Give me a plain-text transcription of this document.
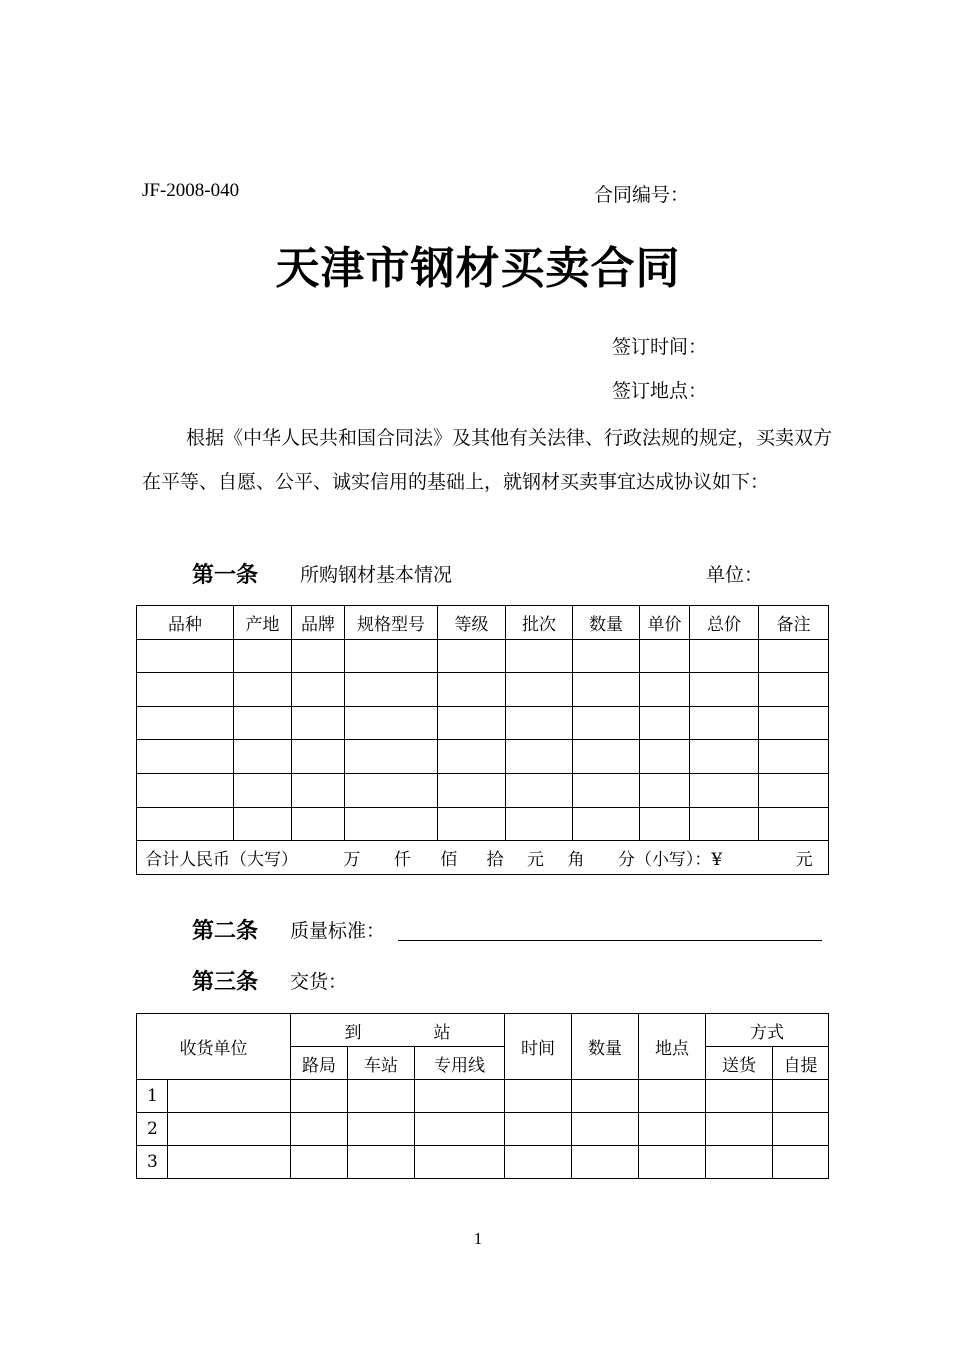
JF-2008-040	合同编号：
天津市钢材买卖合同
签订时间：
签订地点：
根据《中华人民共和国合同法》及其他有关法律、行政法规的规定，买卖双方在平等、自愿、公平、诚实信用的基础上，就钢材买卖事宜达成协议如下：
第一条 所购钢材基本情况	单位：
品种	产地	品牌	规格型号	等级	批次	数量	单价	总价	备注

合计人民币（大写） 万 仟 佰 拾 元 角 分（小写）：¥ 元									
第二条 质量标准：
第三条 交货：
收货单位		到 站			时间	数量	地点	方式	
		路局	车站	专用线				送货	自提
1									
2									
3									
1
